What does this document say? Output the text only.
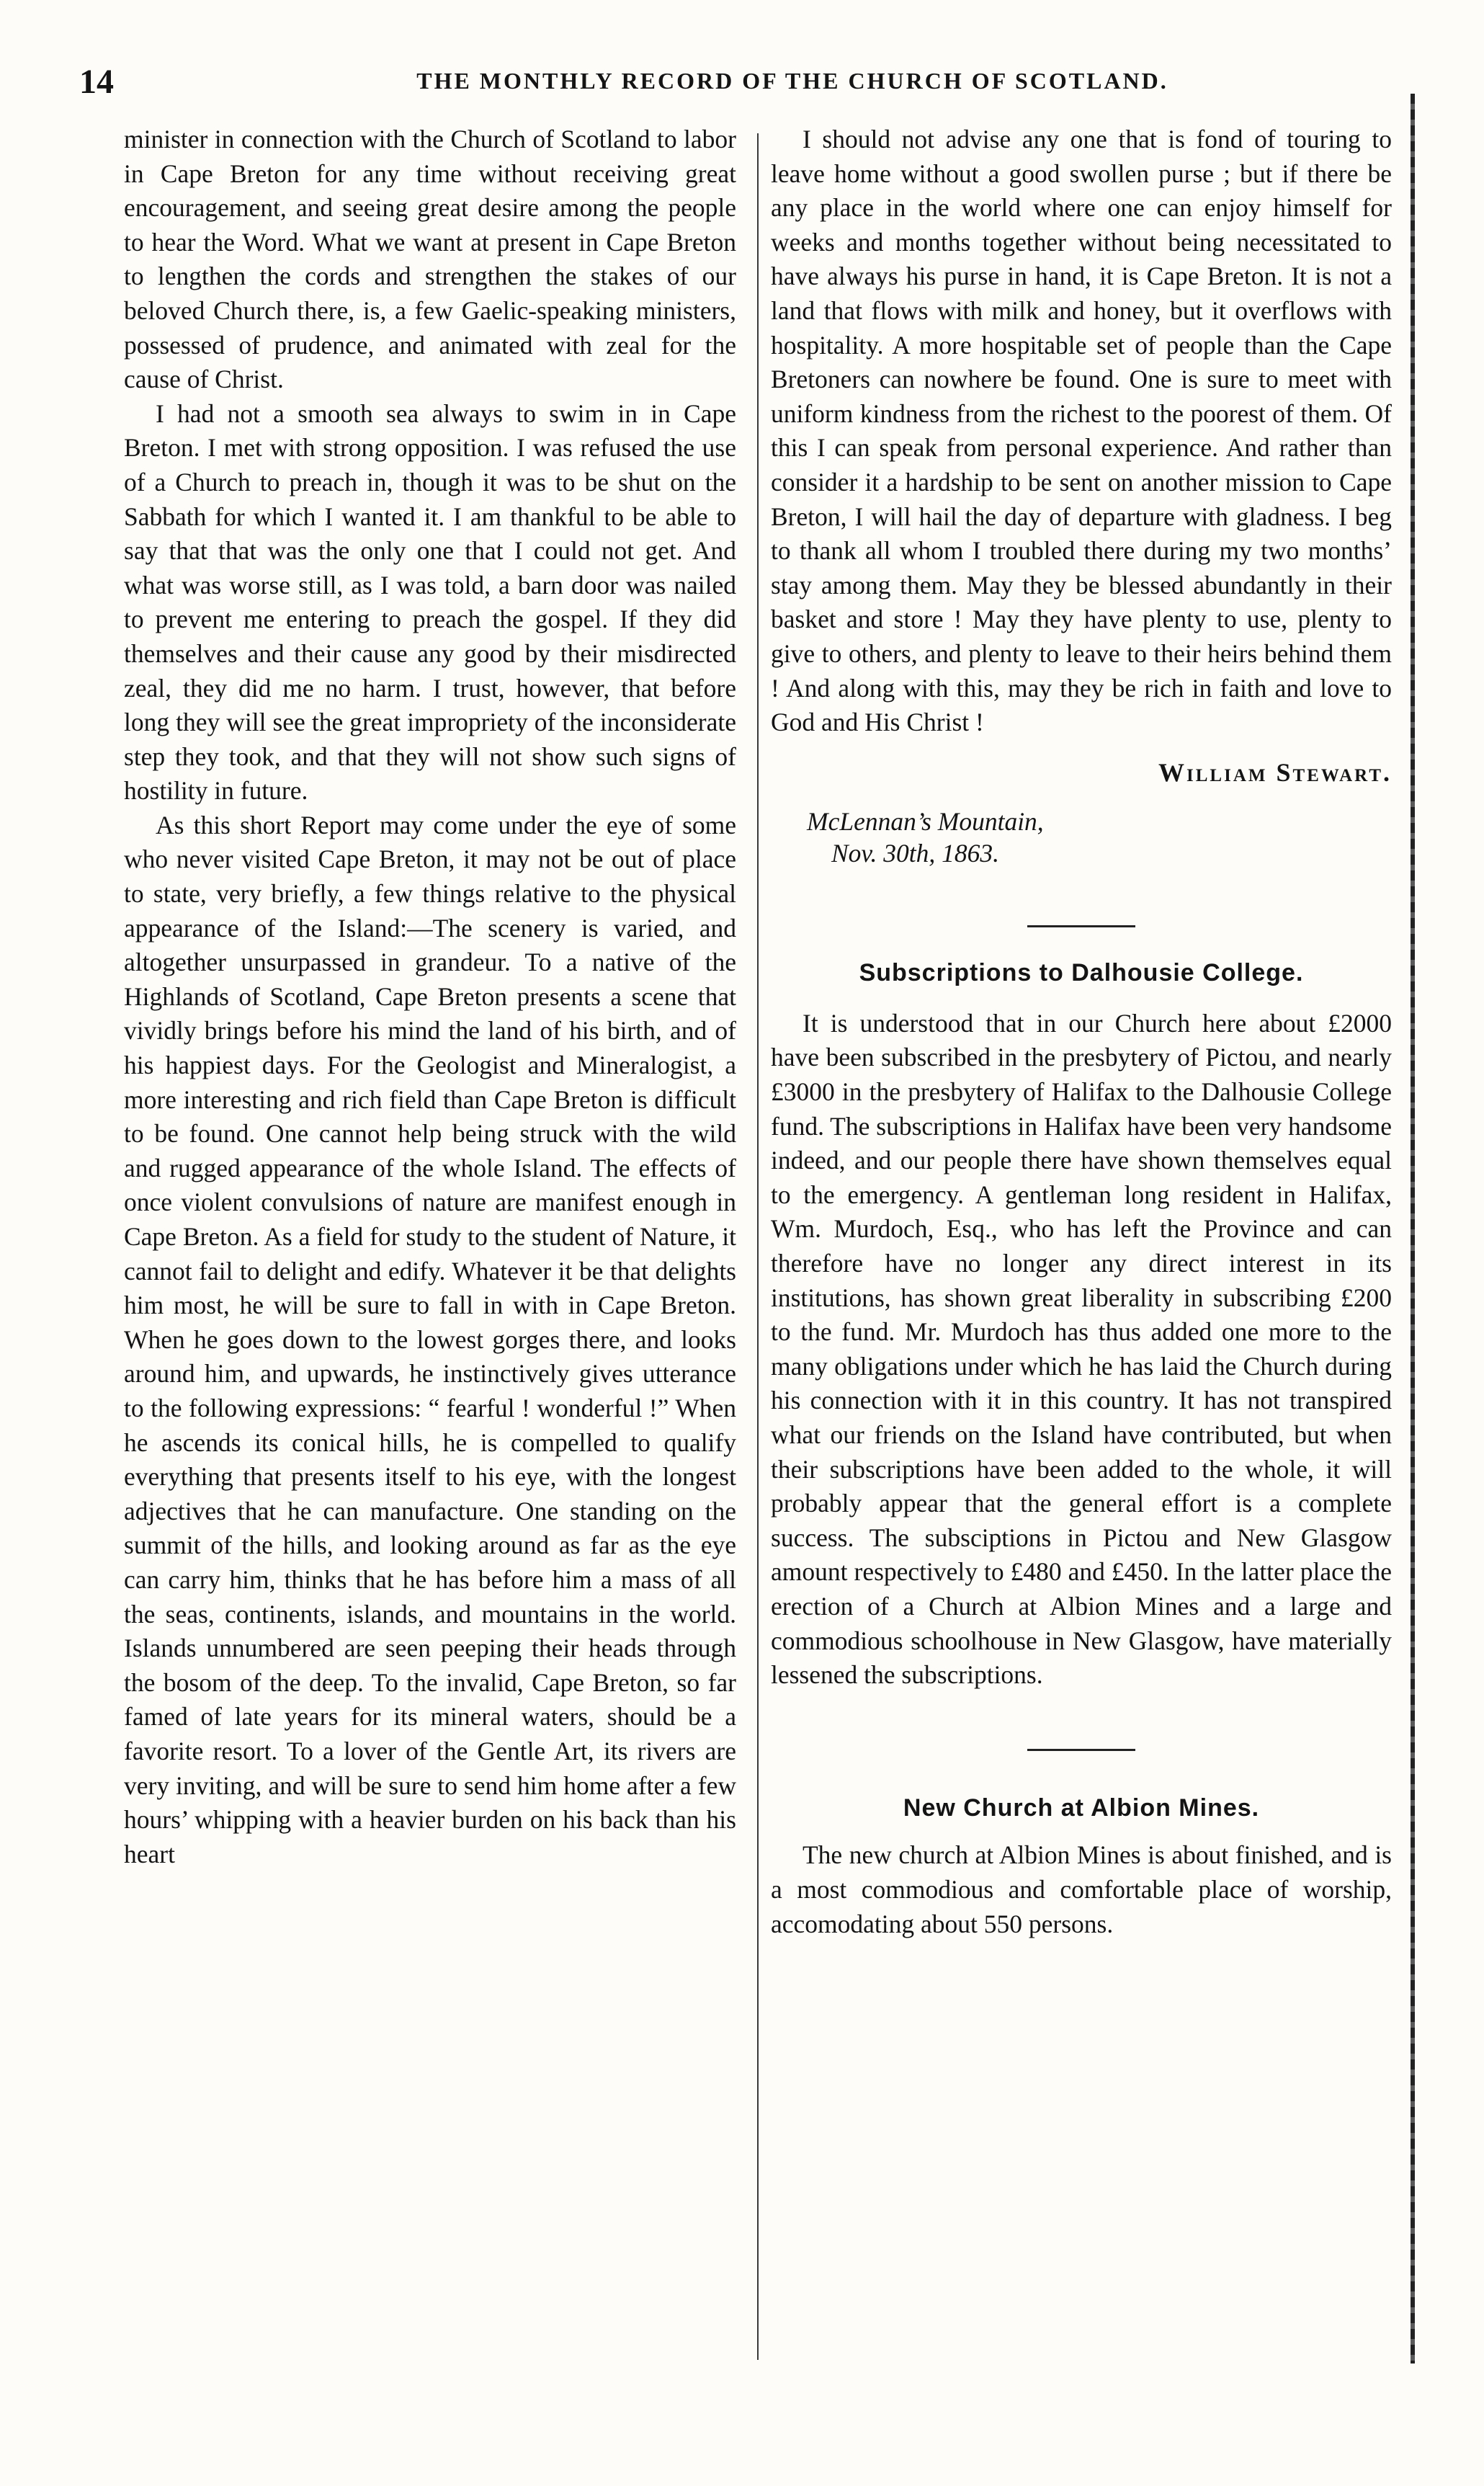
14	THE MONTHLY RECORD OF THE CHURCH OF SCOTLAND.

minister in connection with the Church of Scotland to labor in Cape Breton for any time without receiving great encouragement, and seeing great desire among the people to hear the Word. What we want at present in Cape Breton to lengthen the cords and strengthen the stakes of our beloved Church there, is, a few Gaelic-speaking ministers, possessed of prudence, and animated with zeal for the cause of Christ.

I had not a smooth sea always to swim in in Cape Breton. I met with strong opposition. I was refused the use of a Church to preach in, though it was to be shut on the Sabbath for which I wanted it. I am thankful to be able to say that that was the only one that I could not get. And what was worse still, as I was told, a barn door was nailed to prevent me entering to preach the gospel. If they did themselves and their cause any good by their misdirected zeal, they did me no harm. I trust, however, that before long they will see the great impropriety of the inconsiderate step they took, and that they will not show such signs of hostility in future.

As this short Report may come under the eye of some who never visited Cape Breton, it may not be out of place to state, very briefly, a few things relative to the physical appearance of the Island:—The scenery is varied, and altogether unsurpassed in grandeur. To a native of the Highlands of Scotland, Cape Breton presents a scene that vividly brings before his mind the land of his birth, and of his happiest days. For the Geologist and Mineralogist, a more interesting and rich field than Cape Breton is difficult to be found. One cannot help being struck with the wild and rugged appearance of the whole Island. The effects of once violent convulsions of nature are manifest enough in Cape Breton. As a field for study to the student of Nature, it cannot fail to delight and edify. Whatever it be that delights him most, he will be sure to fall in with in Cape Breton. When he goes down to the lowest gorges there, and looks around him, and upwards, he instinctively gives utterance to the following expressions: “ fearful ! wonderful !” When he ascends its conical hills, he is compelled to qualify everything that presents itself to his eye, with the longest adjectives that he can manufacture. One standing on the summit of the hills, and looking around as far as the eye can carry him, thinks that he has before him a mass of all the seas, continents, islands, and mountains in the world. Islands unnumbered are seen peeping their heads through the bosom of the deep. To the invalid, Cape Breton, so far famed of late years for its mineral waters, should be a favorite resort. To a lover of the Gentle Art, its rivers are very inviting, and will be sure to send him home after a few hours’ whipping with a heavier burden on his back than his heart

I should not advise any one that is fond of touring to leave home without a good swollen purse ; but if there be any place in the world where one can enjoy himself for weeks and months together without being necessitated to have always his purse in hand, it is Cape Breton. It is not a land that flows with milk and honey, but it overflows with hospitality. A more hospitable set of people than the Cape Bretoners can nowhere be found. One is sure to meet with uniform kindness from the richest to the poorest of them. Of this I can speak from personal experience. And rather than consider it a hardship to be sent on another mission to Cape Breton, I will hail the day of departure with gladness. I beg to thank all whom I troubled there during my two months’ stay among them. May they be blessed abundantly in their basket and store ! May they have plenty to use, plenty to give to others, and plenty to leave to their heirs behind them ! And along with this, may they be rich in faith and love to God and His Christ !

William Stewart.
McLennan’s Mountain,
Nov. 30th, 1863.
Subscriptions to Dalhousie College.

It is understood that in our Church here about £2000 have been subscribed in the presbytery of Pictou, and nearly £3000 in the presbytery of Halifax to the Dalhousie College fund. The subscriptions in Halifax have been very handsome indeed, and our people there have shown themselves equal to the emergency. A gentleman long resident in Halifax, Wm. Murdoch, Esq., who has left the Province and can therefore have no longer any direct interest in its institutions, has shown great liberality in subscribing £200 to the fund. Mr. Murdoch has thus added one more to the many obligations under which he has laid the Church during his connection with it in this country. It has not transpired what our friends on the Island have contributed, but when their subscriptions have been added to the whole, it will probably appear that the general effort is a complete success. The subsciptions in Pictou and New Glasgow amount respectively to £480 and £450. In the latter place the erection of a Church at Albion Mines and a large and commodious schoolhouse in New Glasgow, have materially lessened the subscriptions.

New Church at Albion Mines.

The new church at Albion Mines is about finished, and is a most commodious and comfortable place of worship, accomodating about 550 persons.
